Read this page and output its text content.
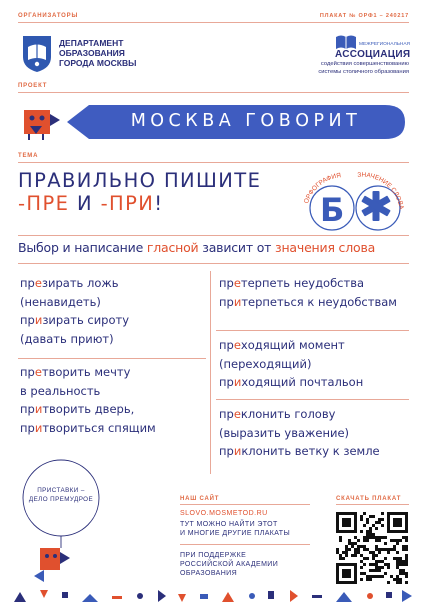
ОРГАНИЗАТОРЫ	ПЛАКАТ № ОРФ1 – 240217
ДЕПАРТАМЕНТ
ОБРАЗОВАНИЯ
ГОРОДА МОСКВЫ
МЕЖРЕГИОНАЛЬНАЯ
АССОЦИАЦИЯ
содействия совершенствованию
системы столичного образования
ПРОЕКТ
МОСКВА ГОВОРИТ
ТЕМА
ПРАВИЛЬНО ПИШИТЕ
-ПРЕ И -ПРИ!	ОРФОГРАФИЯ ЗНАЧЕНИЕ СЛОВА
Б
Выбор и написание гласной зависит от значения слова
презирать ложь
(ненавидеть)
призирать сироту
(давать приют)
претворить мечту
в реальность
притворить дверь,
притвориться спящим
претерпеть неудобства
притерпеться к неудобствам
преходящий момент
(переходящий)
приходящий почтальон
преклонить голову
(выразить уважение)
приклонить ветку к земле
ПРИСТАВКИ –
ДЕЛО ПРЕМУДРОЕ	НАШ САЙТ
SLOVO.MOSMETOD.RU
ТУТ МОЖНО НАЙТИ ЭТОТ
И МНОГИЕ ДРУГИЕ ПЛАКАТЫ
ПРИ ПОДДЕРЖКЕ
РОССИЙСКОЙ АКАДЕМИИ
ОБРАЗОВАНИЯ
СКАЧАТЬ ПЛАКАТ
